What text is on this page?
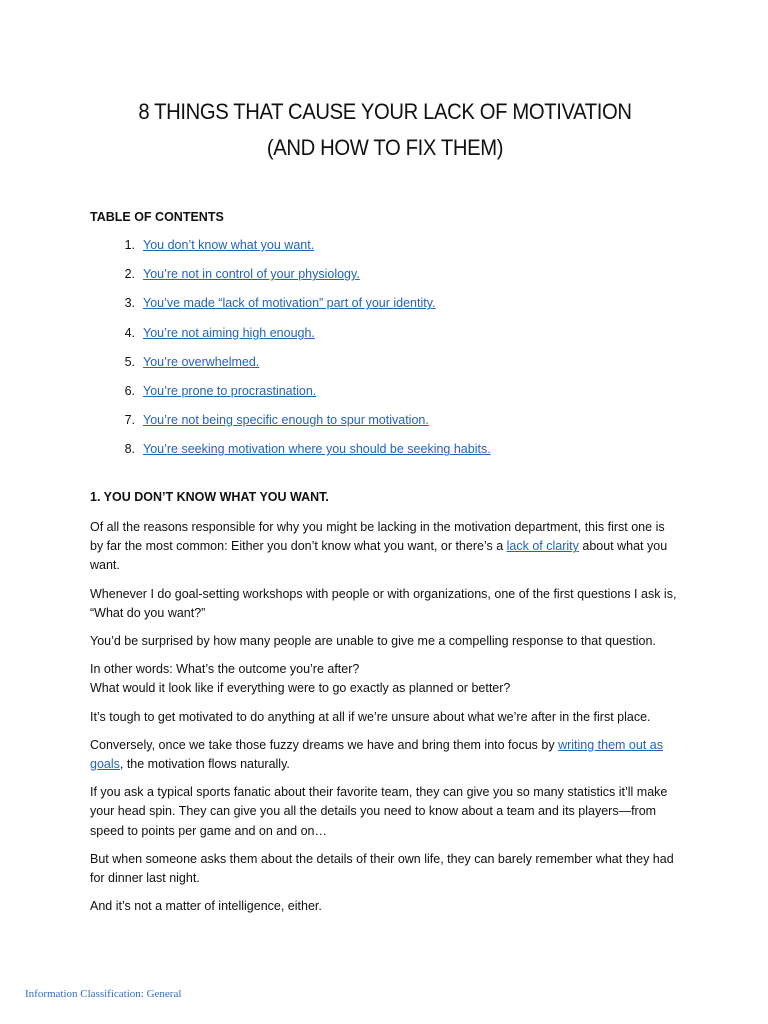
8 THINGS THAT CAUSE YOUR LACK OF MOTIVATION (AND HOW TO FIX THEM)
TABLE OF CONTENTS
1. You don’t know what you want.
2. You’re not in control of your physiology.
3. You’ve made “lack of motivation” part of your identity.
4. You’re not aiming high enough.
5. You’re overwhelmed.
6. You’re prone to procrastination.
7. You’re not being specific enough to spur motivation.
8. You’re seeking motivation where you should be seeking habits.
1. YOU DON’T KNOW WHAT YOU WANT.

Of all the reasons responsible for why you might be lacking in the motivation department, this first one is by far the most common: Either you don’t know what you want, or there’s a lack of clarity about what you want.

Whenever I do goal-setting workshops with people or with organizations, one of the first questions I ask is, “What do you want?”

You’d be surprised by how many people are unable to give me a compelling response to that question.

In other words: What’s the outcome you’re after?
What would it look like if everything were to go exactly as planned or better?

It’s tough to get motivated to do anything at all if we’re unsure about what we’re after in the first place.

Conversely, once we take those fuzzy dreams we have and bring them into focus by writing them out as goals, the motivation flows naturally.

If you ask a typical sports fanatic about their favorite team, they can give you so many statistics it’ll make your head spin. They can give you all the details you need to know about a team and its players—from speed to points per game and on and on…

But when someone asks them about the details of their own life, they can barely remember what they had for dinner last night.

And it’s not a matter of intelligence, either.

Information Classification: General
